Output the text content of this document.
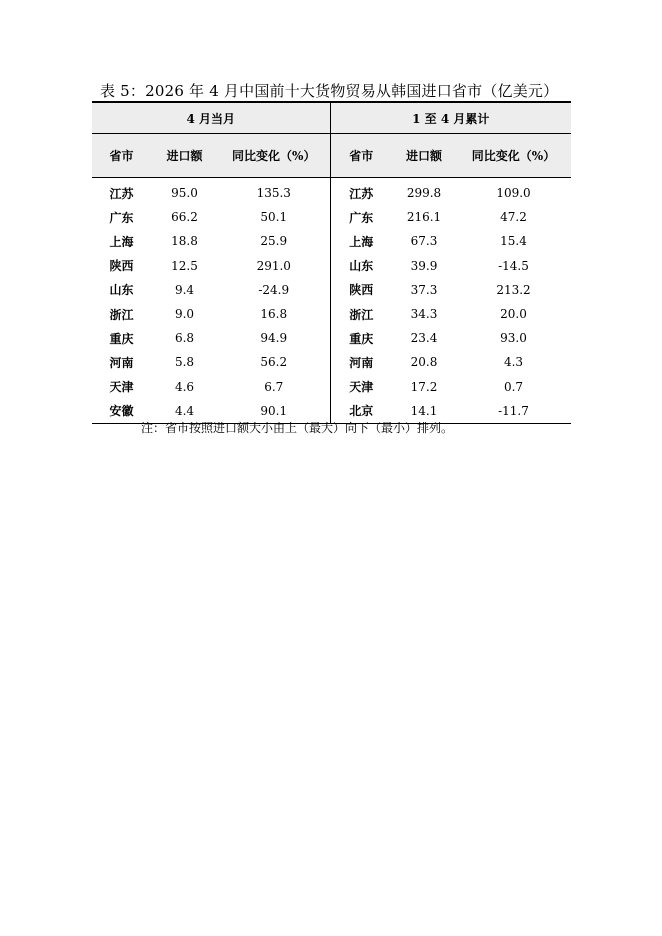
表 5：2026 年 4 月中国前十大货物贸易从韩国进口省市（亿美元）
4 月当月			1 至 4 月累计		
省市	进口额	同比变化（%）	省市	进口额	同比变化（%）
江苏	95.0	135.3	江苏	299.8	109.0
广东	66.2	50.1	广东	216.1	47.2
上海	18.8	25.9	上海	67.3	15.4
陕西	12.5	291.0	山东	39.9	-14.5
山东	9.4	-24.9	陕西	37.3	213.2
浙江	9.0	16.8	浙江	34.3	20.0
重庆	6.8	94.9	重庆	23.4	93.0
河南	5.8	56.2	河南	20.8	4.3
天津	4.6	6.7	天津	17.2	0.7
安徽	4.4	90.1	北京	14.1	-11.7
注：省市按照进口额大小由上（最大）向下（最小）排列。
